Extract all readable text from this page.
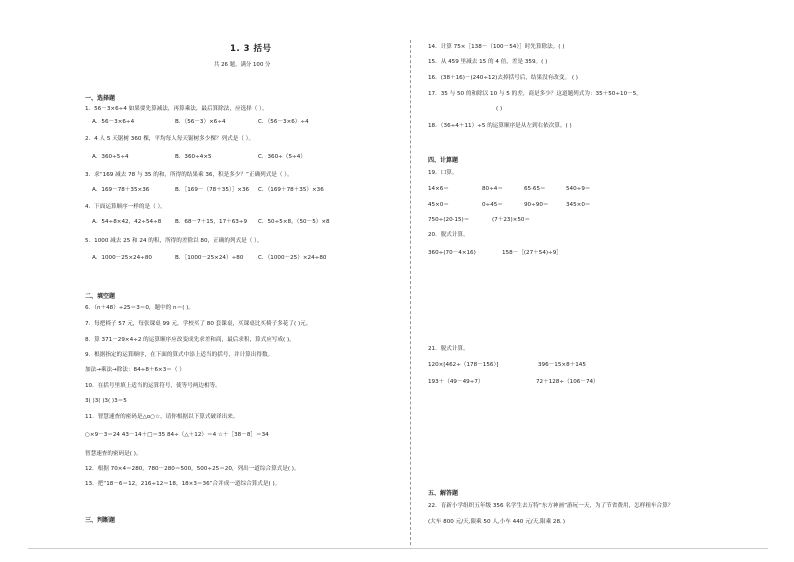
1. 3 括号
共 26 题，满分 100 分
一、选择题
1．56－3×6÷4 如果要先算减法，再算乘法，最后算除法，应选择（ ）。
A．56－3×6÷4	B．（56－3）×6÷4	C．（56－3×6）÷4
2．4 人 5 天锯树 360 棵，平均每人每天锯树多少棵？列式是（ ）。
A．360÷5÷4	B．360÷4×5	C．360÷（5÷4）
3．求“169 减去 78 与 35 的和，所得的结果乘 36，积是多少？”正确列式是（ ）。
A．169－78＋35×36	B．［169－（78＋35）］×36 C．（169＋78＋35）×36
4．下面运算顺序一样的是（ ）。
A．54÷8×42，42÷54÷8 B．68－7＋15，17＋63÷9 C．50÷5×8，（50－5）×8
5．1000 减去 25 和 24 的积，所得的差除以 80，正确的列式是（ ）。
A．1000－25×24÷80	B．［1000－25×24）÷80	C．（1000－25）×24÷80
二、填空题
6．（n＋48）÷25＝3＝0，题中的 n＝( )。
7．每把椅子 57 元，每张课桌 99 元，学校买了 80 套课桌，买课桌比买椅子多花了( )元。
8．算 371－29×4÷2 的运算顺序应改变成先求差和商，最后求积，算式应写成( )。
9．根据指定的运算顺序，在下面的算式中添上适当的括号，并计算出得数。
加法→乘法→除法：84÷8＋6×3＝（ ）
10．在括号里填上适当的运算符号，使等号两边相等。
3( )3( )3( )3＝5
11．智慧速查的密码是△o○☆，请你根据以下算式破译出来。
○×9－3＝24 43－14＋□＝35 84÷（△＋12）＝4 ☆＋［38－8］＝34
智慧速查的密码是( )。
12．根据 70×4＝280，780－280＝500，500÷25＝20，列出一道综合算式是( )。
13．把“18－6＝12，216÷12＝18，18×3＝36”合并成一道综合算式是( )。
三、判断题
14．计算 75×［138－（100－54）］时先算除法。( )
15．从 459 里减去 15 的 4 倍，差是 359。( )
16．(38＋16)－(240÷12)去掉括号后，结果没有改变。 ( )
17．35 与 50 的和除以 10 与 5 的差，商是多少？这道题列式为：35＋50÷10－5。
( )
18．（36÷4＋11）÷5 的运算顺序是从左到右依次算。( )
四、计算题
19．口算。
14×6＝	80÷4＝	65·65＝	540÷9＝
45×0＝	0÷45＝	90÷90＝	345×0＝
750÷(20·15)＝	(7＋23)×50＝
20．脱式计算。
360÷(70－4×16)	158－［(27＋54)÷9］
21．脱式计算。
120×[462÷（178－156）]	396－15×8＋145
193＋（49－49÷7）	72＋128÷（106－74）
五、解答题
22．育新小学组织五年级 356 名学生去万特“东方神画”游玩一天，为了节省费用，怎样租车合算？
(大车 800 元/天,限乘 50 人,小车 440 元/天,限乘 28．)
